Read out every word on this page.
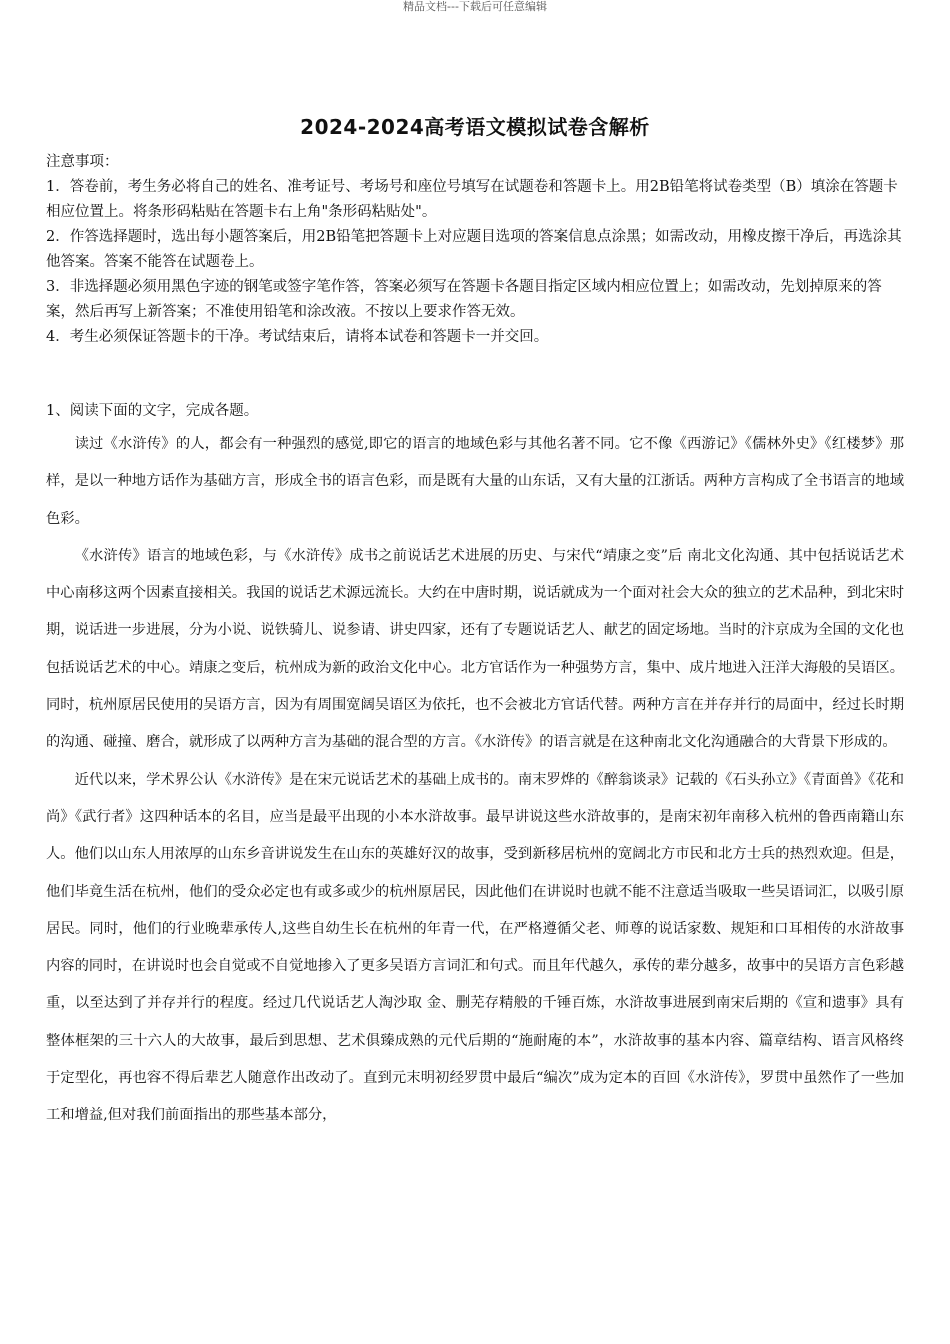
精品文档---下载后可任意编辑
2024-2024高考语文模拟试卷含解析
注意事项：
1．答卷前，考生务必将自己的姓名、准考证号、考场号和座位号填写在试题卷和答题卡上。用2B铅笔将试卷类型（B）填涂在答题卡相应位置上。将条形码粘贴在答题卡右上角"条形码粘贴处"。
2．作答选择题时，选出每小题答案后，用2B铅笔把答题卡上对应题目选项的答案信息点涂黑；如需改动，用橡皮擦干净后，再选涂其他答案。答案不能答在试题卷上。
3．非选择题必须用黑色字迹的钢笔或签字笔作答，答案必须写在答题卡各题目指定区域内相应位置上；如需改动，先划掉原来的答案，然后再写上新答案；不准使用铅笔和涂改液。不按以上要求作答无效。
4．考生必须保证答题卡的干净。考试结束后，请将本试卷和答题卡一并交回。
1、阅读下面的文字，完成各题。

读过《水浒传》的人，都会有一种强烈的感觉,即它的语言的地域色彩与其他名著不同。它不像《西游记》《儒林外史》《红楼梦》那样，是以一种地方话作为基础方言，形成全书的语言色彩，而是既有大量的山东话，又有大量的江浙话。两种方言构成了全书语言的地域色彩。

《水浒传》语言的地域色彩，与《水浒传》成书之前说话艺术进展的历史、与宋代“靖康之变”后 南北文化沟通、其中包括说话艺术中心南移这两个因素直接相关。我国的说话艺术源远流长。大约在中唐时期，说话就成为一个面对社会大众的独立的艺术品种，到北宋时期，说话进一步进展，分为小说、说铁骑儿、说参请、讲史四家，还有了专题说话艺人、献艺的固定场地。当时的汴京成为全国的文化也包括说话艺术的中心。靖康之变后，杭州成为新的政治文化中心。北方官话作为一种强势方言，集中、成片地进入汪洋大海般的吴语区。同时，杭州原居民使用的吴语方言，因为有周围宽阔吴语区为依托，也不会被北方官话代替。两种方言在并存并行的局面中，经过长时期的沟通、碰撞、磨合，就形成了以两种方言为基础的混合型的方言。《水浒传》的语言就是在这种南北文化沟通融合的大背景下形成的。

近代以来，学术界公认《水浒传》是在宋元说话艺术的基础上成书的。南末罗烨的《醉翁谈录》记载的《石头孙立》《青面兽》《花和尚》《武行者》这四种话本的名目，应当是最平出现的小本水浒故事。最早讲说这些水浒故事的，是南宋初年南移入杭州的鲁西南籍山东人。他们以山东人用浓厚的山东乡音讲说发生在山东的英雄好汉的故事，受到新移居杭州的宽阔北方市民和北方士兵的热烈欢迎。但是，他们毕竟生活在杭州，他们的受众必定也有或多或少的杭州原居民，因此他们在讲说时也就不能不注意适当吸取一些吴语词汇，以吸引原居民。同时，他们的行业晚辈承传人,这些自幼生长在杭州的年青一代，在严格遵循父老、师尊的说话家数、规矩和口耳相传的水浒故事内容的同时，在讲说时也会自觉或不自觉地掺入了更多吴语方言词汇和句式。而且年代越久，承传的辈分越多，故事中的吴语方言色彩越重，以至达到了并存并行的程度。经过几代说话艺人淘沙取 金、删芜存精般的千锤百炼，水浒故事进展到南宋后期的《宣和遗事》具有整体框架的三十六人的大故事，最后到思想、艺术俱臻成熟的元代后期的“施耐庵的本”，水浒故事的基本内容、篇章结构、语言风格终于定型化，再也容不得后辈艺人随意作出改动了。直到元末明初经罗贯中最后“编次”成为定本的百回《水浒传》，罗贯中虽然作了一些加工和增益,但对我们前面指出的那些基本部分，
